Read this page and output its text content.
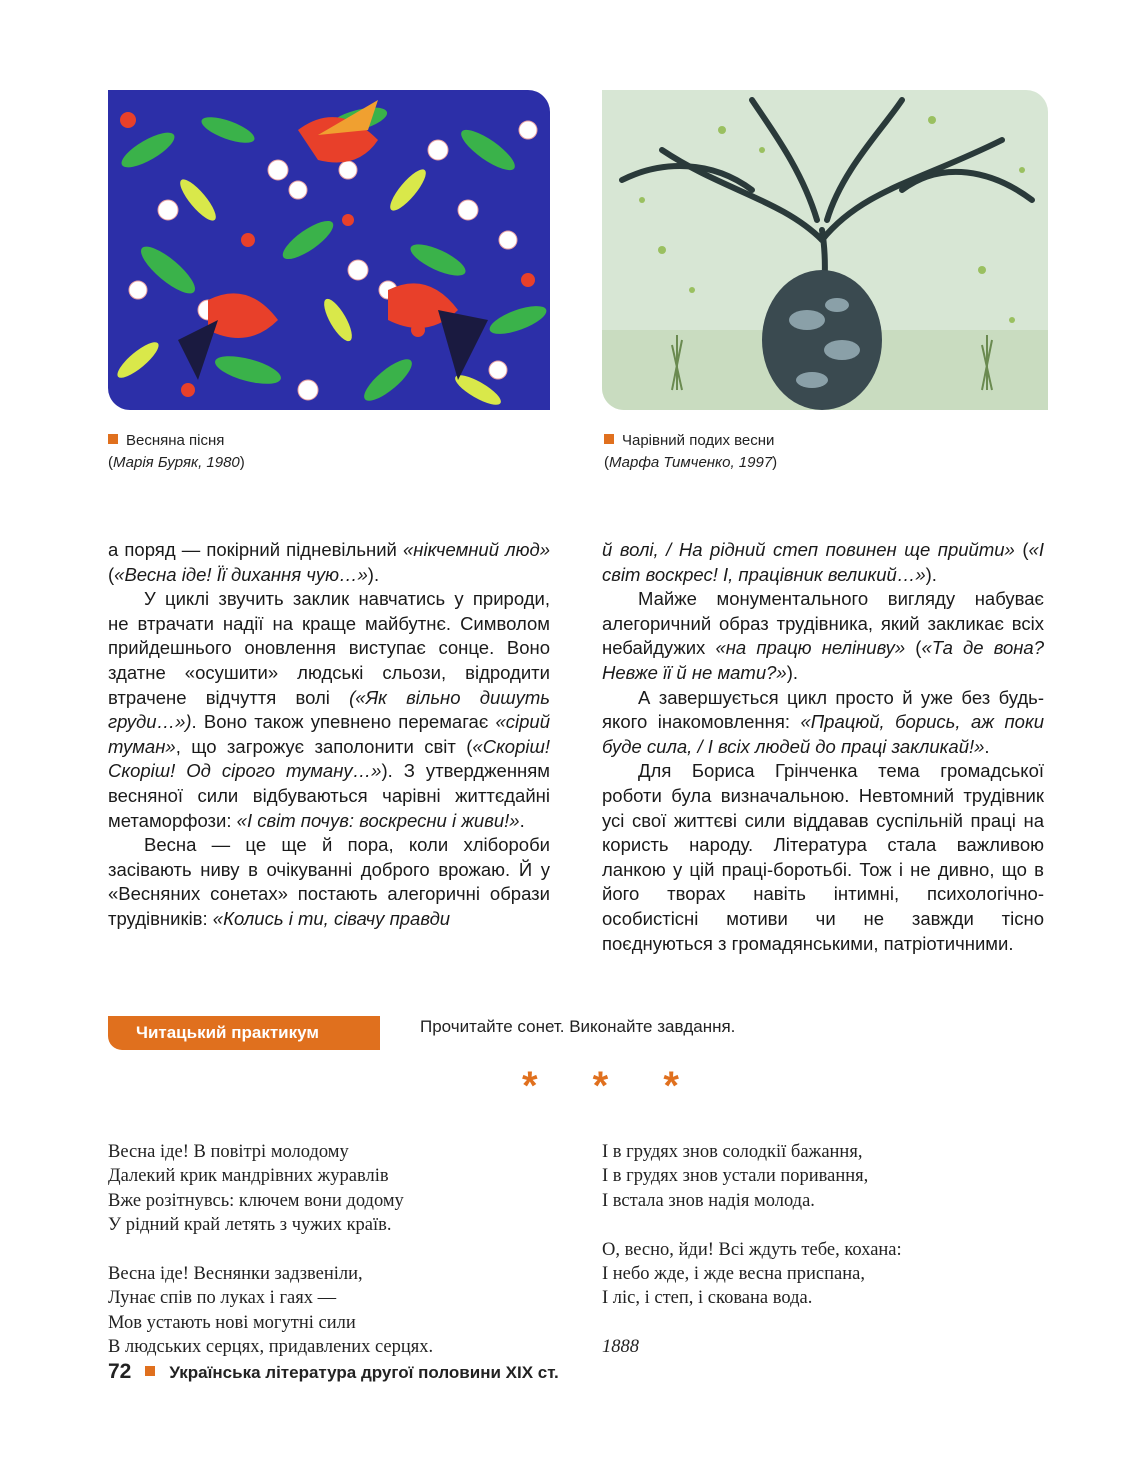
Весняна пісня
(Марія Буряк, 1980)
Чарівний подих весни
(Марфа Тимченко, 1997)

а поряд — покірний підневільний «нікчемний люд» («Весна іде! Її дихання чую…»).

У циклі звучить заклик навчатись у природи, не втрачати надії на краще майбутнє. Символом прийдешнього оновлення виступає сонце. Воно здатне «осушити» людські сльози, відродити втрачене відчуття волі («Як вільно дишуть груди…»). Воно також упевнено перемагає «сірий туман», що загрожує заполонити світ («Скоріш! Скоріш! Од сірого туману…»). З утвердженням весняної сили відбуваються чарівні життєдайні метаморфози: «І світ почув: воскресни і живи!».

Весна — це ще й пора, коли хлібороби засівають ниву в очікуванні доброго врожаю. Й у «Весняних сонетах» постають алегоричні образи трудівників: «Колись і ти, сівачу правди

й волі, / На рідний степ повинен ще прийти» («І світ воскрес! І, працівник великий…»).

Майже монументального вигляду набуває алегоричний образ трудівника, який закликає всіх небайдужих «на працю неліниву» («Та де вона? Невже її й не мати?»).

А завершується цикл просто й уже без будь-якого інакомовлення: «Працюй, борись, аж поки буде сила, / І всіх людей до праці закликай!».

Для Бориса Грінченка тема громадської роботи була визначальною. Невтомний трудівник усі свої життєві сили віддавав суспільній праці на користь народу. Література стала важливою ланкою у цій праці-боротьбі. Тож і не дивно, що в його творах навіть інтимні, психологічно-особистісні мотиви чи не завжди тісно поєднуються з громадянськими, патріотичними.

Читацький практикум	Прочитайте сонет. Виконайте завдання.
* * *
Весна іде! В повітрі молодому
Далекий крик мандрівних журавлів
Вже розітнувсь: ключем вони додому
У рідний край летять з чужих країв.
Весна іде! Веснянки задзвеніли,
Лунає спів по луках і гаях —
Мов устають нові могутні сили
В людських серцях, придавлених серцях.
І в грудях знов солодкії бажання,
І в грудях знов устали поривання,
І встала знов надія молода.
О, весно, йди! Всі ждуть тебе, кохана:
І небо жде, і жде весна приспана,
І ліс, і степ, і скована вода.
1888
72 Українська література другої половини XIX ст.
